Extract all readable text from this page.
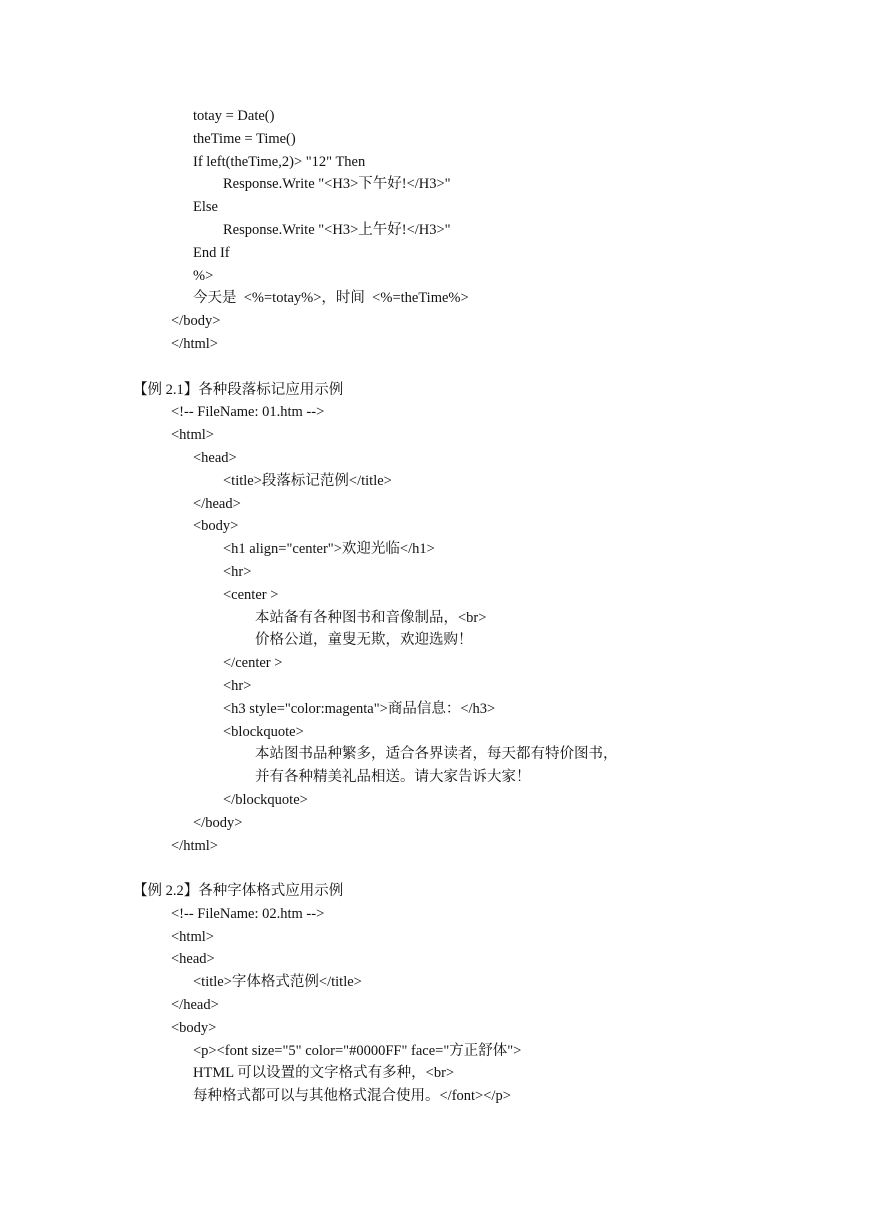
totay = Date()
theTime = Time()
If left(theTime,2)> "12" Then
Response.Write "<H3>下午好!</H3>"
Else
Response.Write "<H3>上午好!</H3>"
End If
%>
今天是  <%=totay%>，时间  <%=theTime%>
</body>
</html>
【例 2.1】各种段落标记应用示例
<!-- FileName: 01.htm -->
<html>
<head>
<title>段落标记范例</title>
</head>
<body>
<h1 align="center">欢迎光临</h1>
<hr>
<center >
本站备有各种图书和音像制品，<br>
价格公道，童叟无欺，欢迎选购！
</center >
<hr>
<h3 style="color:magenta">商品信息：</h3>
<blockquote>
本站图书品种繁多，适合各界读者，每天都有特价图书，
并有各种精美礼品相送。请大家告诉大家！
</blockquote>
</body>
</html>
【例 2.2】各种字体格式应用示例
<!-- FileName: 02.htm -->
<html>
<head>
<title>字体格式范例</title>
</head>
<body>
<p><font size="5" color="#0000FF" face="方正舒体">
HTML 可以设置的文字格式有多种，<br>
每种格式都可以与其他格式混合使用。</font></p>
